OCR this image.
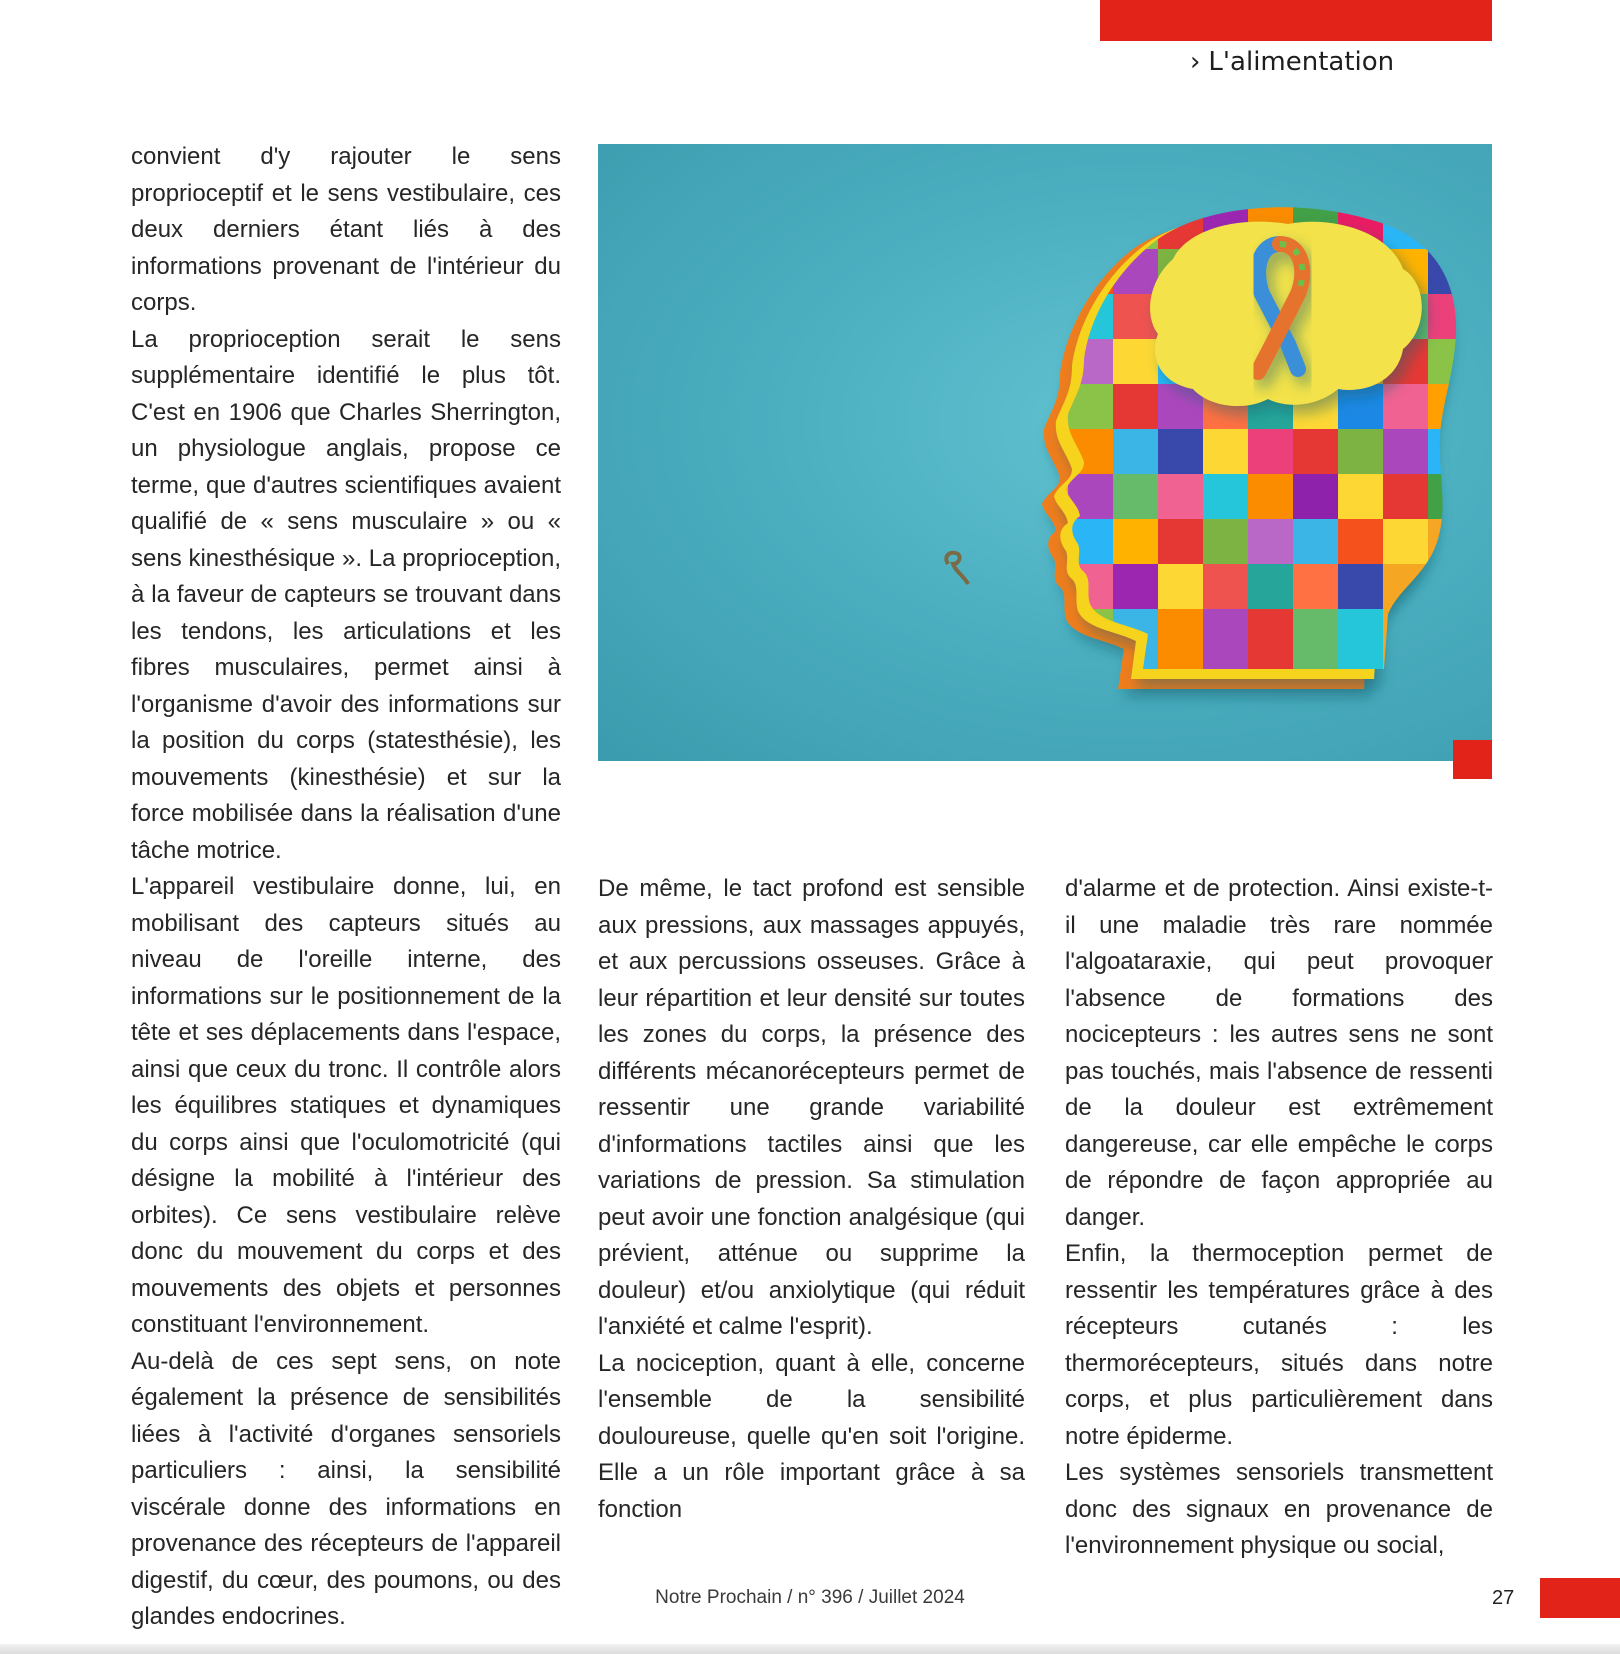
› L'alimentation

convient d'y rajouter le sens proprioceptif et le sens vestibulaire, ces deux derniers étant liés à des informations provenant de l'intérieur du corps.

La proprioception serait le sens supplémentaire identifié le plus tôt. C'est en 1906 que Charles Sherrington, un physiologue anglais, propose ce terme, que d'autres scientifiques avaient qualifié de « sens musculaire » ou « sens kinesthésique ». La proprioception, à la faveur de capteurs se trouvant dans les tendons, les articulations et les fibres musculaires, permet ainsi à l'organisme d'avoir des informations sur la position du corps (statesthésie), les mouvements (kinesthésie) et sur la force mobilisée dans la réalisation d'une tâche motrice.

L'appareil vestibulaire donne, lui, en mobilisant des capteurs situés au niveau de l'oreille interne, des informations sur le positionnement de la tête et ses déplacements dans l'espace, ainsi que ceux du tronc. Il contrôle alors les équilibres statiques et dynamiques du corps ainsi que l'oculomotricité (qui désigne la mobilité à l'intérieur des orbites). Ce sens vestibulaire relève donc du mouvement du corps et des mouvements des objets et personnes constituant l'environnement.

Au-delà de ces sept sens, on note également la présence de sensibilités liées à l'activité d'organes sensoriels particuliers : ainsi, la sensibilité viscérale donne des informations en provenance des récepteurs de l'appareil digestif, du cœur, des poumons, ou des glandes endocrines.

De même, le tact profond est sensible aux pressions, aux massages appuyés, et aux percussions osseuses. Grâce à leur répartition et leur densité sur toutes les zones du corps, la présence des différents mécanorécepteurs permet de ressentir une grande variabilité d'informations tactiles ainsi que les variations de pression. Sa stimulation peut avoir une fonction analgésique (qui prévient, atténue ou supprime la douleur) et/ou anxiolytique (qui réduit l'anxiété et calme l'esprit).

La nociception, quant à elle, concerne l'ensemble de la sensibilité douloureuse, quelle qu'en soit l'origine. Elle a un rôle important grâce à sa fonction

d'alarme et de protection. Ainsi existe-t-il une maladie très rare nommée l'algoataraxie, qui peut provoquer l'absence de formations des nocicepteurs : les autres sens ne sont pas touchés, mais l'absence de ressenti de la douleur est extrêmement dangereuse, car elle empêche le corps de répondre de façon appropriée au danger.

Enfin, la thermoception permet de ressentir les températures grâce à des récepteurs cutanés : les thermorécepteurs, situés dans notre corps, et plus particulièrement dans notre épiderme.

Les systèmes sensoriels transmettent donc des signaux en provenance de l'environnement physique ou social,

Notre Prochain / n° 396 / Juillet 2024	27
